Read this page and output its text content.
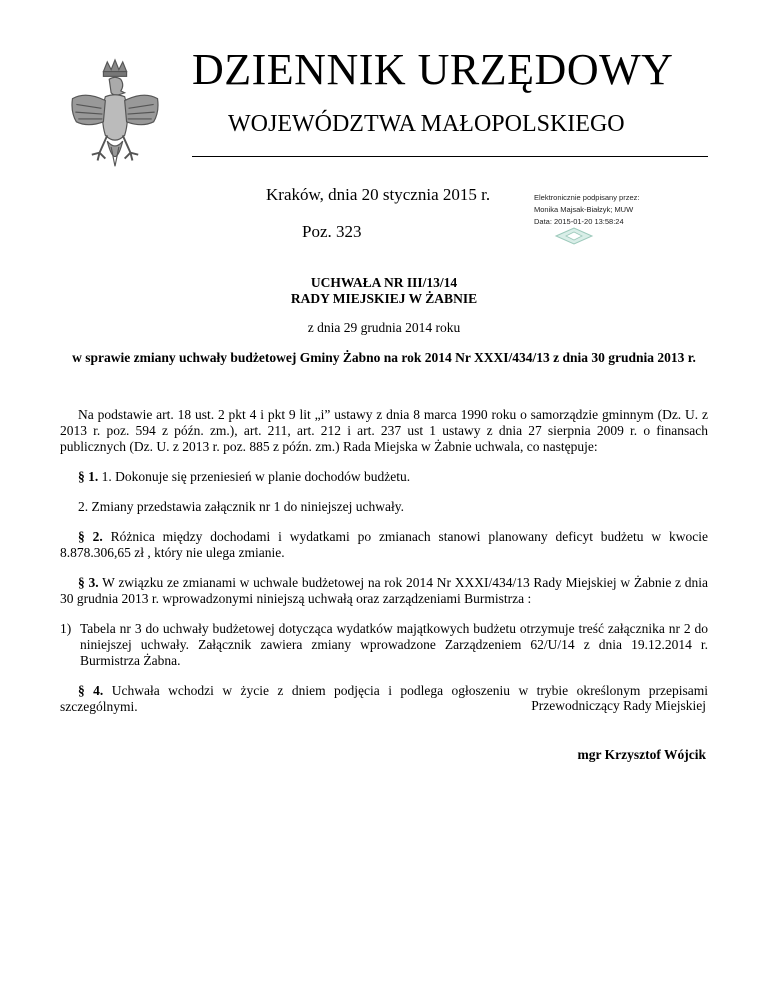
DZIENNIK URZĘDOWY
WOJEWÓDZTWA MAŁOPOLSKIEGO
Kraków, dnia 20 stycznia 2015 r.
Poz. 323
Elektronicznie podpisany przez:
Monika Majsak-Białzyk; MUW
Data: 2015-01-20 13:58:24
UCHWAŁA NR III/13/14
RADY MIEJSKIEJ W ŻABNIE
z dnia 29 grudnia 2014 roku
w sprawie zmiany uchwały budżetowej Gminy Żabno na rok 2014 Nr XXXI/434/13 z dnia 30 grudnia 2013 r.

Na podstawie art. 18 ust. 2 pkt 4 i pkt 9 lit „i” ustawy z dnia 8 marca 1990 roku o samorządzie gminnym (Dz. U. z 2013 r. poz. 594 z późn. zm.), art. 211, art. 212 i art. 237 ust 1 ustawy z dnia 27 sierpnia 2009 r. o finansach publicznych (Dz. U. z 2013 r. poz. 885 z późn. zm.) Rada Miejska w Żabnie uchwala, co następuje:

§ 1. 1. Dokonuje się przeniesień w planie dochodów budżetu.

2. Zmiany przedstawia załącznik nr 1 do niniejszej uchwały.

§ 2. Różnica między dochodami i wydatkami po zmianach stanowi planowany deficyt budżetu w kwocie 8.878.306,65 zł , który nie ulega zmianie.

§ 3. W związku ze zmianami w uchwale budżetowej na rok 2014 Nr XXXI/434/13 Rady Miejskiej w Żabnie z dnia 30 grudnia 2013 r. wprowadzonymi niniejszą uchwałą oraz zarządzeniami Burmistrza :

1) Tabela nr 3 do uchwały budżetowej dotycząca wydatków majątkowych budżetu otrzymuje treść załącznika nr 2 do niniejszej uchwały. Załącznik zawiera zmiany wprowadzone Zarządzeniem 62/U/14 z dnia 19.12.2014 r. Burmistrza Żabna.

§ 4. Uchwała wchodzi w życie z dniem podjęcia i podlega ogłoszeniu w trybie określonym przepisami szczególnymi.	Przewodniczący Rady Miejskiej
mgr Krzysztof Wójcik
